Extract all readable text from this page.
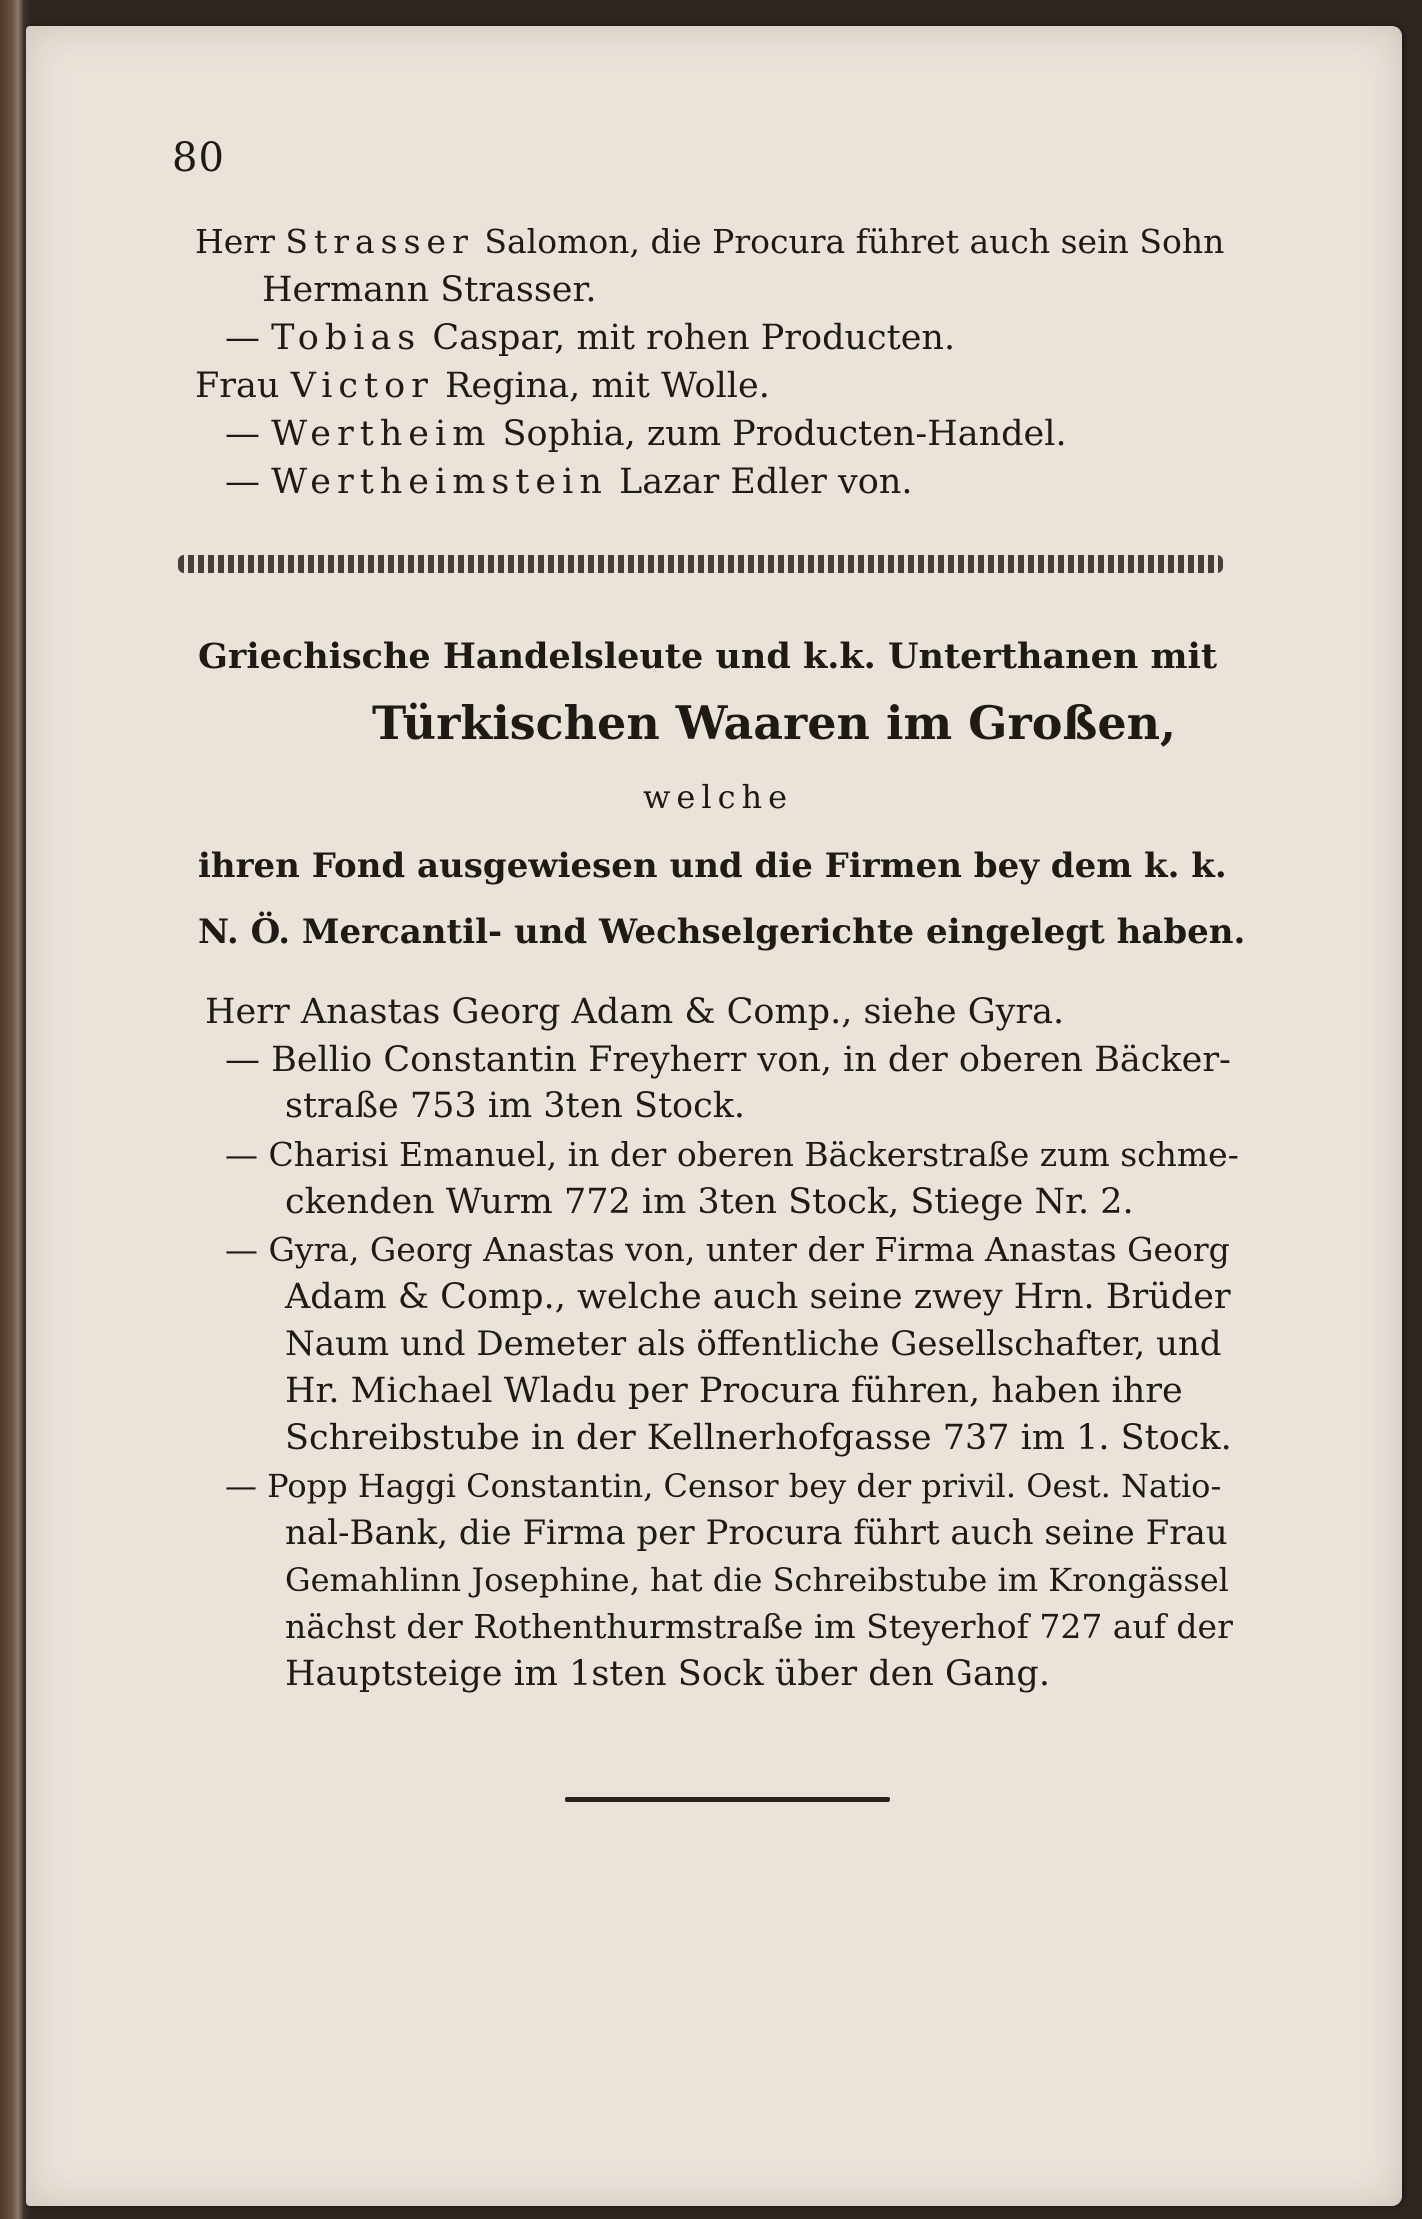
80
Herr Strasser Salomon, die Procura führet auch sein Sohn
Hermann Strasser.
— Tobias Caspar, mit rohen Producten.
Frau Victor Regina, mit Wolle.
— Wertheim Sophia, zum Producten-Handel.
— Wertheimstein Lazar Edler von.
Griechische Handelsleute und k.k. Unterthanen mit
Türkischen Waaren im Großen,
welche
ihren Fond ausgewiesen und die Firmen bey dem k. k.
N. Ö. Mercantil- und Wechselgerichte eingelegt haben.
Herr Anastas Georg Adam & Comp., siehe Gyra.
— Bellio Constantin Freyherr von, in der oberen Bäcker-
straße 753 im 3ten Stock.
— Charisi Emanuel, in der oberen Bäckerstraße zum schme-
ckenden Wurm 772 im 3ten Stock, Stiege Nr. 2.
— Gyra, Georg Anastas von, unter der Firma Anastas Georg
Adam & Comp., welche auch seine zwey Hrn. Brüder
Naum und Demeter als öffentliche Gesellschafter, und
Hr. Michael Wladu per Procura führen, haben ihre
Schreibstube in der Kellnerhofgasse 737 im 1. Stock.
— Popp Haggi Constantin, Censor bey der privil. Oest. Natio-
nal-Bank, die Firma per Procura führt auch seine Frau
Gemahlinn Josephine, hat die Schreibstube im Krongässel
nächst der Rothenthurmstraße im Steyerhof 727 auf der
Hauptsteige im 1sten Sock über den Gang.
